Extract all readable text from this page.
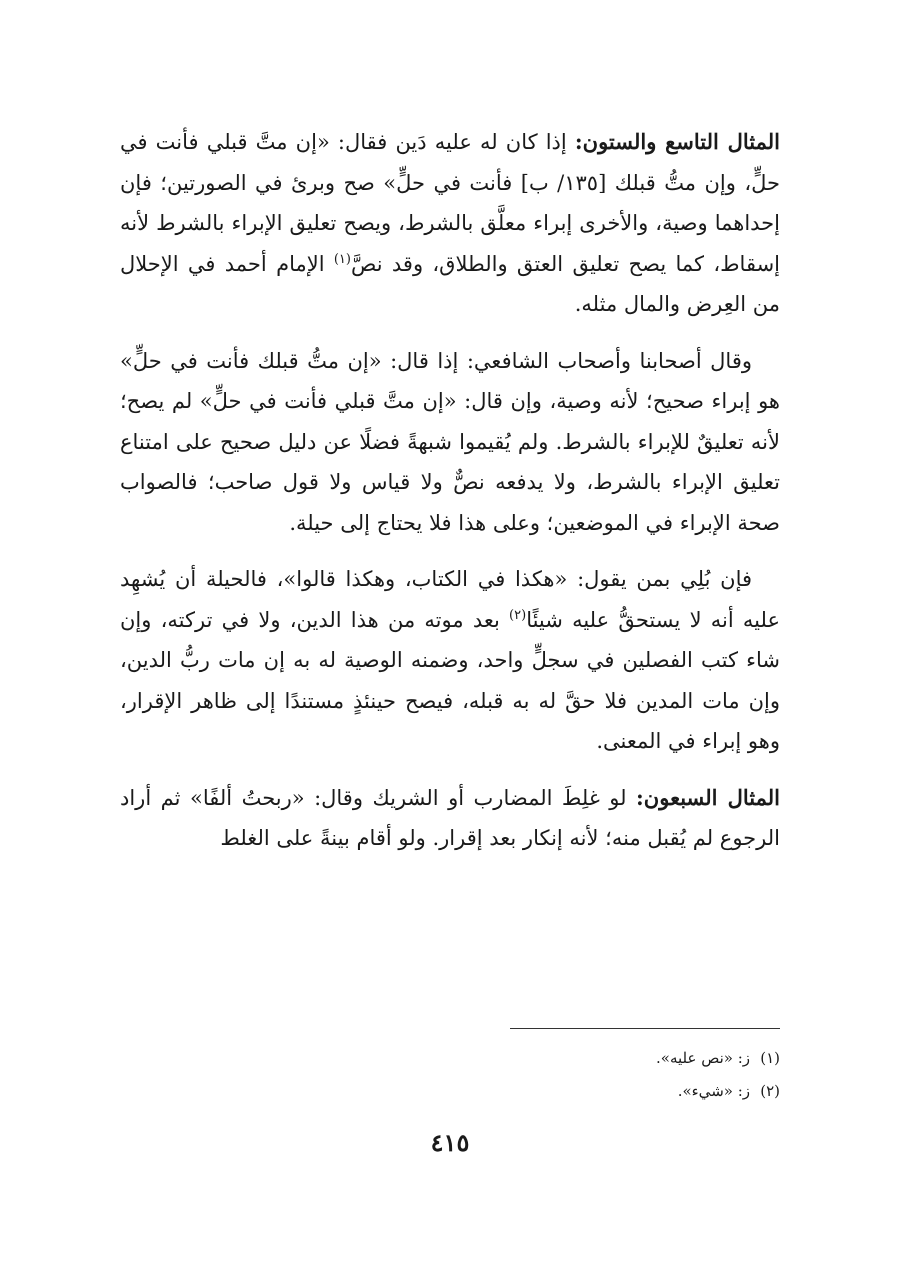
المثال التاسع والستون: إذا كان له عليه دَين فقال: «إن متَّ قبلي فأنت في حلٍّ، وإن متُّ قبلك [١٣٥/ ب] فأنت في حلٍّ» صح وبرئ في الصورتين؛ فإن إحداهما وصية، والأخرى إبراء معلَّق بالشرط، ويصح تعليق الإبراء بالشرط لأنه إسقاط، كما يصح تعليق العتق والطلاق، وقد نصَّ$^{(١)}$ الإمام أحمد في الإحلال من العِرض والمال مثله.

وقال أصحابنا وأصحاب الشافعي: إذا قال: «إن متُّ قبلك فأنت في حلٍّ» هو إبراء صحيح؛ لأنه وصية، وإن قال: «إن متَّ قبلي فأنت في حلٍّ» لم يصح؛ لأنه تعليقٌ للإبراء بالشرط. ولم يُقيموا شبهةً فضلًا عن دليل صحيح على امتناع تعليق الإبراء بالشرط، ولا يدفعه نصٌّ ولا قياس ولا قول صاحب؛ فالصواب صحة الإبراء في الموضعين؛ وعلى هذا فلا يحتاج إلى حيلة.

فإن بُلِي بمن يقول: «هكذا في الكتاب، وهكذا قالوا»، فالحيلة أن يُشهِد عليه أنه لا يستحقُّ عليه شيئًا$^{(٢)}$ بعد موته من هذا الدين، ولا في تركته، وإن شاء كتب الفصلين في سجلٍّ واحد، وضمنه الوصية له به إن مات ربُّ الدين، وإن مات المدين فلا حقَّ له به قبله، فيصح حينئذٍ مستندًا إلى ظاهر الإقرار، وهو إبراء في المعنى.

المثال السبعون: لو غلِطَ المضارب أو الشريك وقال: «ربحتُ ألفًا» ثم أراد الرجوع لم يُقبل منه؛ لأنه إنكار بعد إقرار. ولو أقام بينةً على الغلط

(١)ز: «نص عليه».

(٢)ز: «شيء».

٤١٥
